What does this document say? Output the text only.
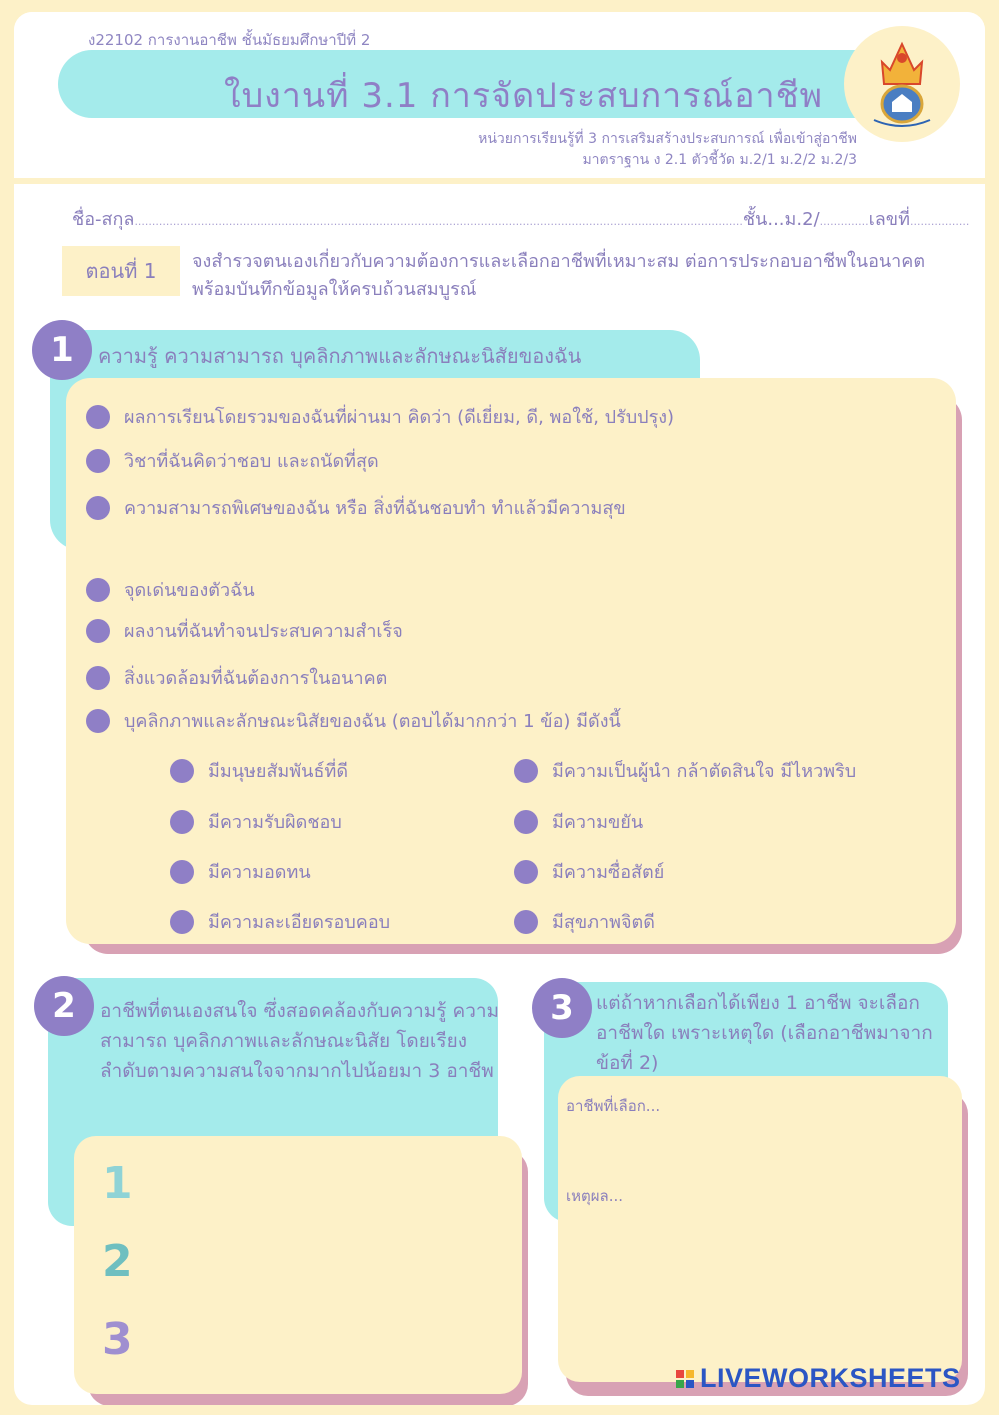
ง22102 การงานอาชีพ ชั้นมัธยมศึกษาปีที่ 2
ใบงานที่ 3.1 การจัดประสบการณ์อาชีพ
หน่วยการเรียนรู้ที่ 3 การเสริมสร้างประสบการณ์ เพื่อเข้าสู่อาชีพ
มาตราฐาน ง 2.1 ตัวชี้วัด ม.2/1 ม.2/2 ม.2/3
ชื่อ-สกุล..............................................................................................................................................................................ชั้น...ม.2/..............เลขที่.................
ตอนที่ 1	จงสำรวจตนเองเกี่ยวกับความต้องการและเลือกอาชีพที่เหมาะสม ต่อการประกอบอาชีพในอนาคต พร้อมบันทึกข้อมูลให้ครบถ้วนสมบูรณ์
1	ความรู้ ความสามารถ บุคลิกภาพและลักษณะนิสัยของฉัน
ผลการเรียนโดยรวมของฉันที่ผ่านมา คิดว่า (ดีเยี่ยม, ดี, พอใช้, ปรับปรุง)
วิชาที่ฉันคิดว่าชอบ และถนัดที่สุด
ความสามารถพิเศษของฉัน หรือ สิ่งที่ฉันชอบทำ ทำแล้วมีความสุข
จุดเด่นของตัวฉัน
ผลงานที่ฉันทำจนประสบความสำเร็จ
สิ่งแวดล้อมที่ฉันต้องการในอนาคต
บุคลิกภาพและลักษณะนิสัยของฉัน (ตอบได้มากกว่า 1 ข้อ) มีดังนี้
มีมนุษยสัมพันธ์ที่ดี
มีความรับผิดชอบ
มีความอดทน
มีความละเอียดรอบคอบ
มีความเป็นผู้นำ กล้าตัดสินใจ มีไหวพริบ
มีความขยัน
มีความซื่อสัตย์
มีสุขภาพจิตดี
2	อาชีพที่ตนเองสนใจ ซึ่งสอดคล้องกับความรู้ ความสามารถ บุคลิกภาพและลักษณะนิสัย โดยเรียงลำดับตามความสนใจจากมากไปน้อยมา 3 อาชีพ
1
2
3
3	แต่ถ้าหากเลือกได้เพียง 1 อาชีพ จะเลือกอาชีพใด เพราะเหตุใด (เลือกอาชีพมาจากข้อที่ 2)
อาชีพที่เลือก...
เหตุผล...
LIVEWORKSHEETS
